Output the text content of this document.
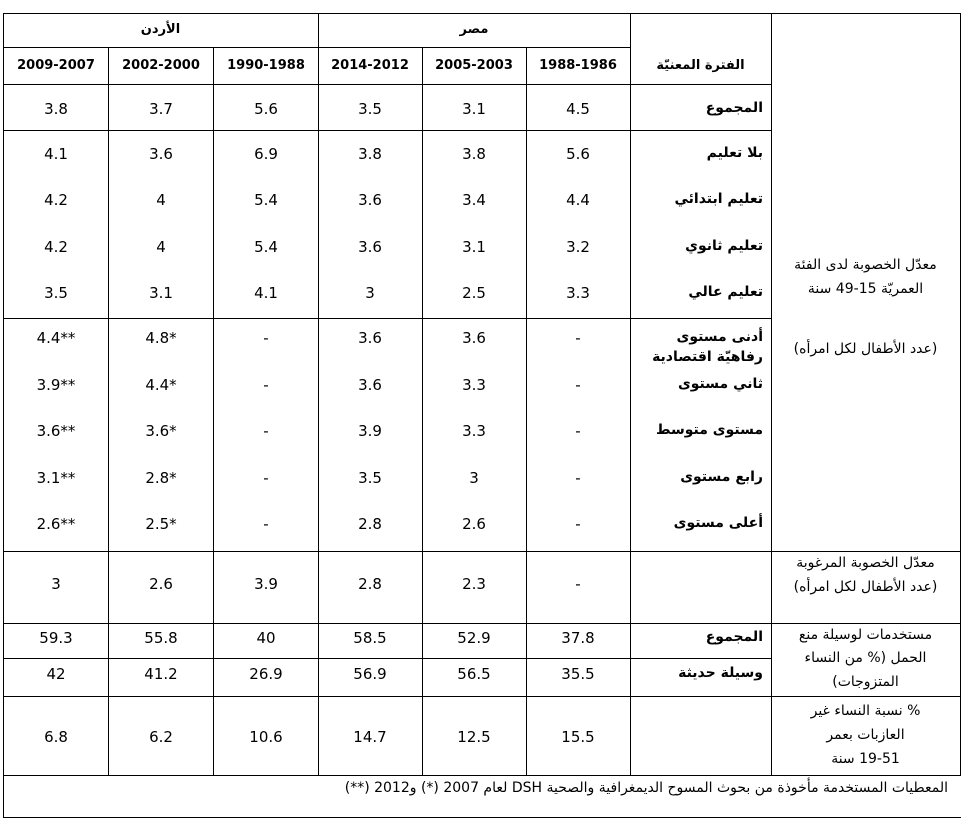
مصر
الأردن
الفترة المعنيّة
1988-1986
2005-2003
2014-2012
1990-1988
2002-2000
2009-2007
معدّل الخصوبة لدى الفئة
العمريّة 15-49 سنة
(عدد الأطفال لكل امرأه)
المجموع
4.5
3.1
3.5
5.6
3.7
3.8
بلا تعليم
5.6
3.8
3.8
6.9
3.6
4.1
تعليم ابتدائي
4.4
3.4
3.6
5.4
4
4.2
تعليم ثانوي
3.2
3.1
3.6
5.4
4
4.2
تعليم عالي
3.3
2.5
3
4.1
3.1
3.5
أدنى مستوى
رفاهيّة اقتصادية
-
3.6
3.6
-
4.8*
4.4**
ثاني مستوى
-
3.3
3.6
-
4.4*
3.9**
مستوى متوسط
-
3.3
3.9
-
3.6*
3.6**
رابع مستوى
-
3
3.5
-
2.8*
3.1**
أعلى مستوى
-
2.6
2.8
-
2.5*
2.6**
معدّل الخصوبة المرغوبة
(عدد الأطفال لكل امرأه)
-
2.3
2.8
3.9
2.6
3
مستخدمات لوسيلة منع
الحمل (% من النساء
المتزوجات)
المجموع
37.8
52.9
58.5
40
55.8
59.3
وسيلة حديثة
35.5
56.5
56.9
26.9
41.2
42
% نسبة النساء غير
العازبات بعمر
19-51 سنة
15.5
12.5
14.7
10.6
6.2
6.8
المعطيات المستخدمة مأخوذة من بحوث المسوح الديمغرافية والصحية DSH لعام 2007 (*) و2012 (**)
